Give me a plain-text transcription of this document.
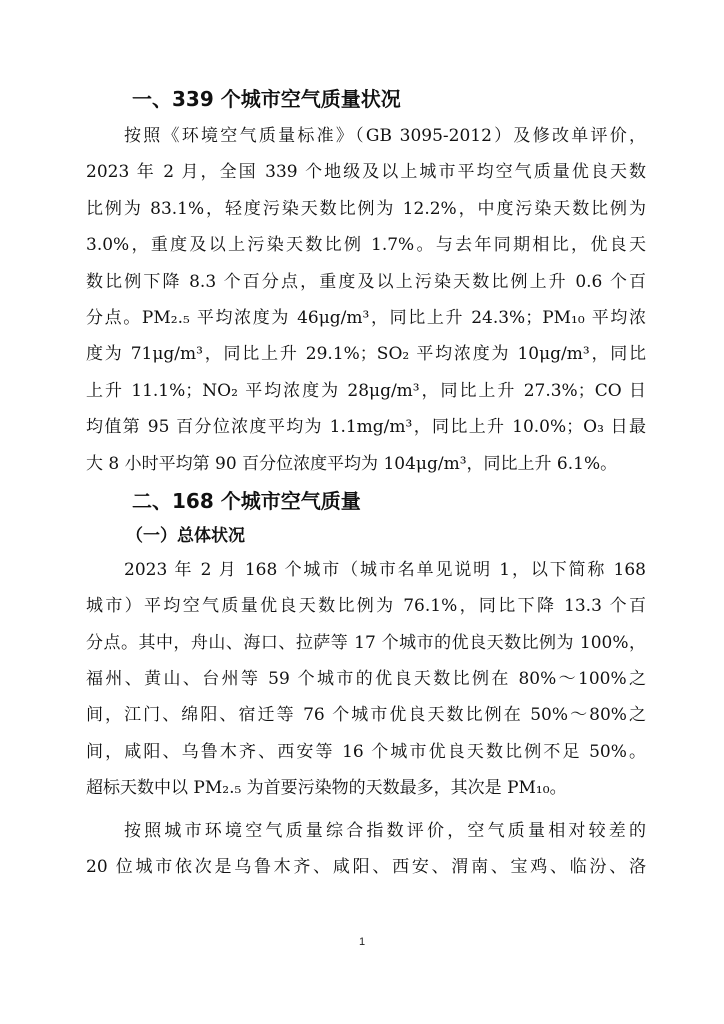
一、339 个城市空气质量状况
按照《环境空气质量标准》（GB 3095-2012）及修改单评价，
2023 年 2 月，全国 339 个地级及以上城市平均空气质量优良天数
比例为 83.1%，轻度污染天数比例为 12.2%，中度污染天数比例为
3.0%，重度及以上污染天数比例 1.7%。与去年同期相比，优良天
数比例下降 8.3 个百分点，重度及以上污染天数比例上升 0.6 个百
分点。PM₂.₅ 平均浓度为 46μg/m³，同比上升 24.3%；PM₁₀ 平均浓
度为 71μg/m³，同比上升 29.1%；SO₂ 平均浓度为 10μg/m³，同比
上升 11.1%；NO₂ 平均浓度为 28μg/m³，同比上升 27.3%；CO 日
均值第 95 百分位浓度平均为 1.1mg/m³，同比上升 10.0%；O₃ 日最
大 8 小时平均第 90 百分位浓度平均为 104μg/m³，同比上升 6.1%。
二、168 个城市空气质量
（一）总体状况
2023 年 2 月 168 个城市（城市名单见说明 1，以下简称 168
城市）平均空气质量优良天数比例为 76.1%，同比下降 13.3 个百
分点。其中，舟山、海口、拉萨等 17 个城市的优良天数比例为 100%，
福州、黄山、台州等 59 个城市的优良天数比例在 80%～100%之
间，江门、绵阳、宿迁等 76 个城市优良天数比例在 50%～80%之
间，咸阳、乌鲁木齐、西安等 16 个城市优良天数比例不足 50%。
超标天数中以 PM₂.₅ 为首要污染物的天数最多，其次是 PM₁₀。
按照城市环境空气质量综合指数评价，空气质量相对较差的
20 位城市依次是乌鲁木齐、咸阳、西安、渭南、宝鸡、临汾、洛
1
